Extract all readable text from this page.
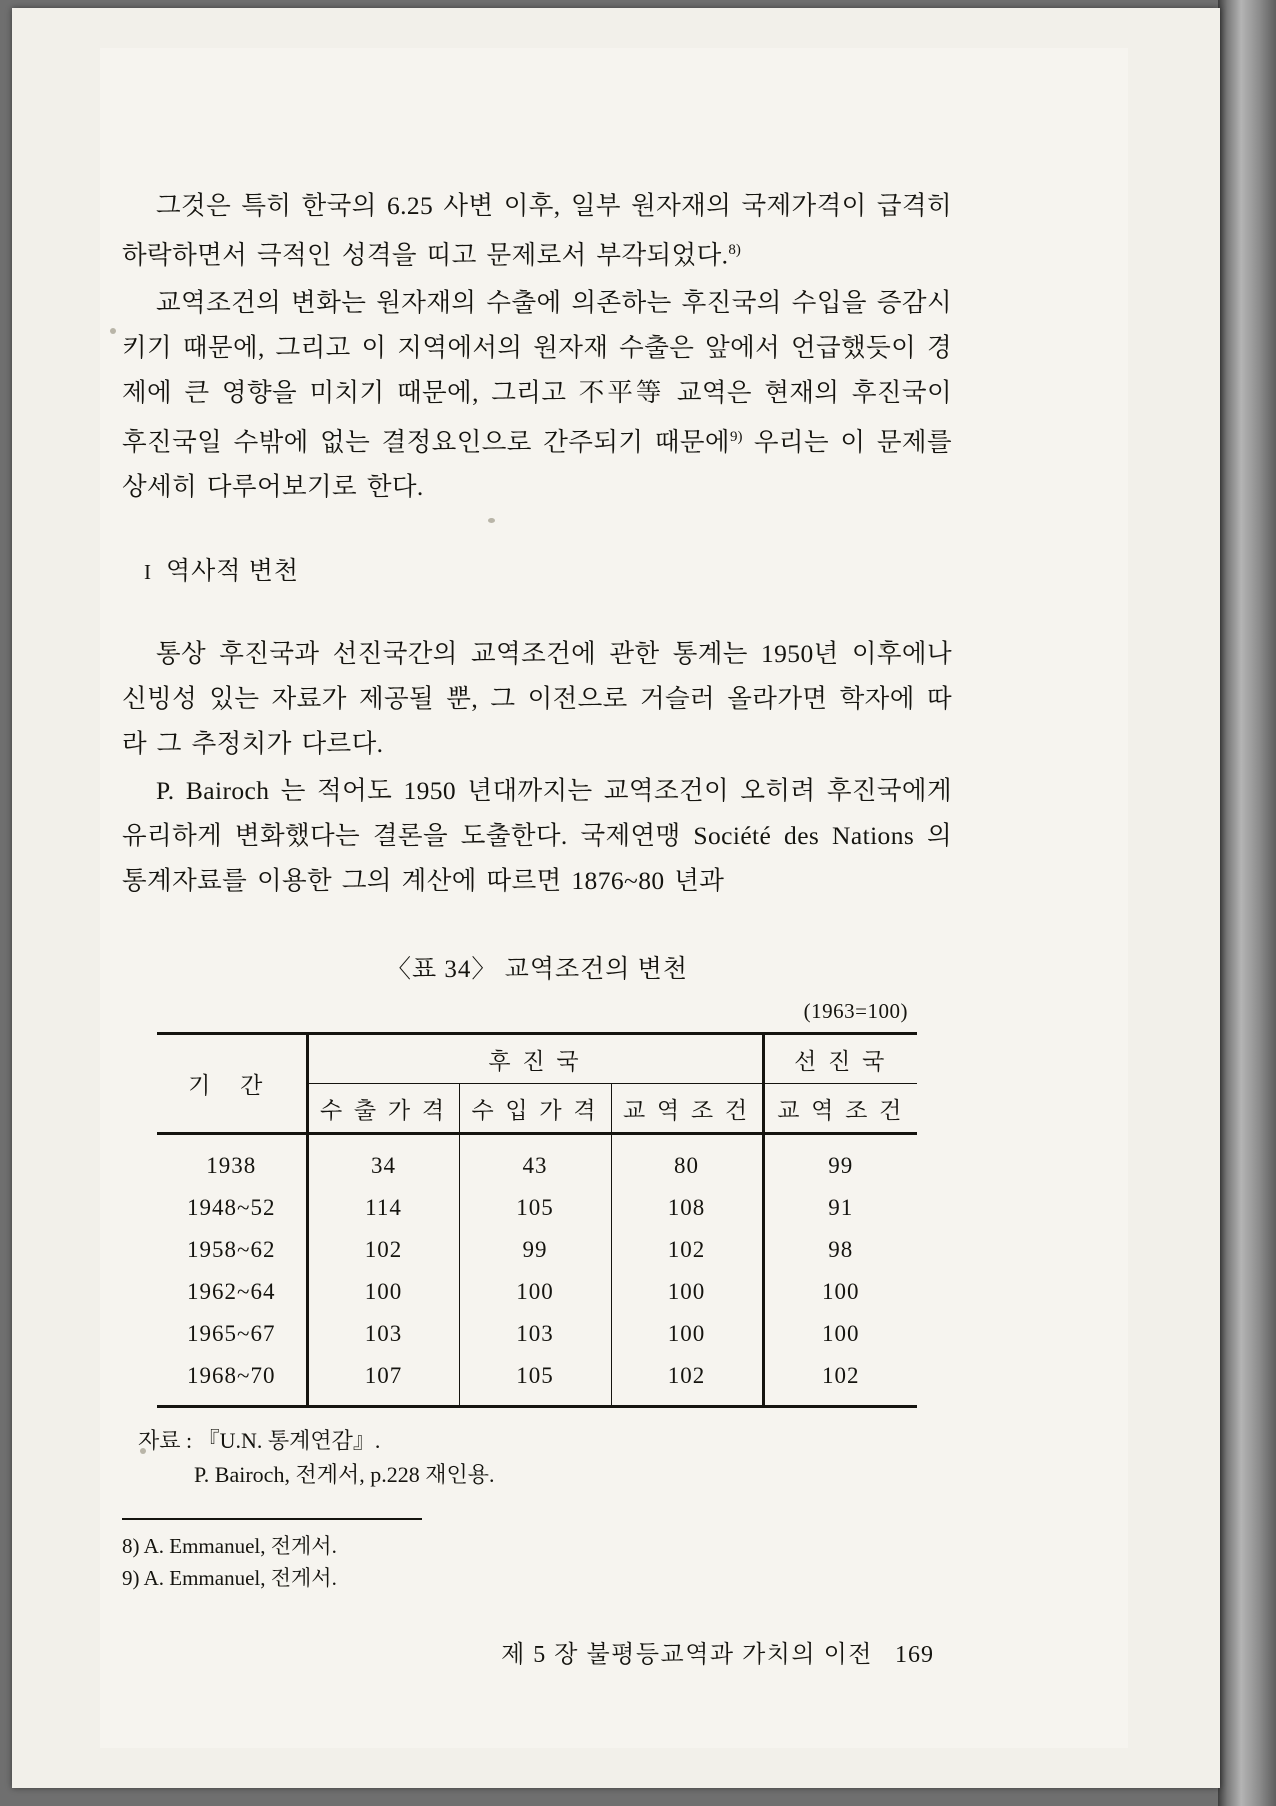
그것은 특히 한국의 6.25 사변 이후, 일부 원자재의 국제가격이 급격히 하락하면서 극적인 성격을 띠고 문제로서 부각되었다.$^{8)}$

교역조건의 변화는 원자재의 수출에 의존하는 후진국의 수입을 증감시키기 때문에, 그리고 이 지역에서의 원자재 수출은 앞에서 언급했듯이 경제에 큰 영향을 미치기 때문에, 그리고 不平等 교역은 현재의 후진국이 후진국일 수밖에 없는 결정요인으로 간주되기 때문에$^{9)}$ 우리는 이 문제를 상세히 다루어보기로 한다.

I 역사적 변천

통상 후진국과 선진국간의 교역조건에 관한 통계는 1950년 이후에나 신빙성 있는 자료가 제공될 뿐, 그 이전으로 거슬러 올라가면 학자에 따라 그 추정치가 다르다.

P. Bairoch 는 적어도 1950 년대까지는 교역조건이 오히려 후진국에게 유리하게 변화했다는 결론을 도출한다. 국제연맹 Société des Nations 의 통계자료를 이용한 그의 계산에 따르면 1876~80 년과

〈표 34〉 교역조건의 변천
(1963=100)
기 간	후 진 국			선 진 국
	수 출 가 격	수 입 가 격	교 역 조 건	교 역 조 건
1938	34	43	80	99
1948~52	114	105	108	91
1958~62	102	99	102	98
1962~64	100	100	100	100
1965~67	103	103	100	100
1968~70	107	105	102	102
자료 : 『U.N. 통계연감』.
P. Bairoch, 전게서, p.228 재인용.
8) A. Emmanuel, 전게서.
9) A. Emmanuel, 전게서.
제 5 장 불평등교역과 가치의 이전 169
